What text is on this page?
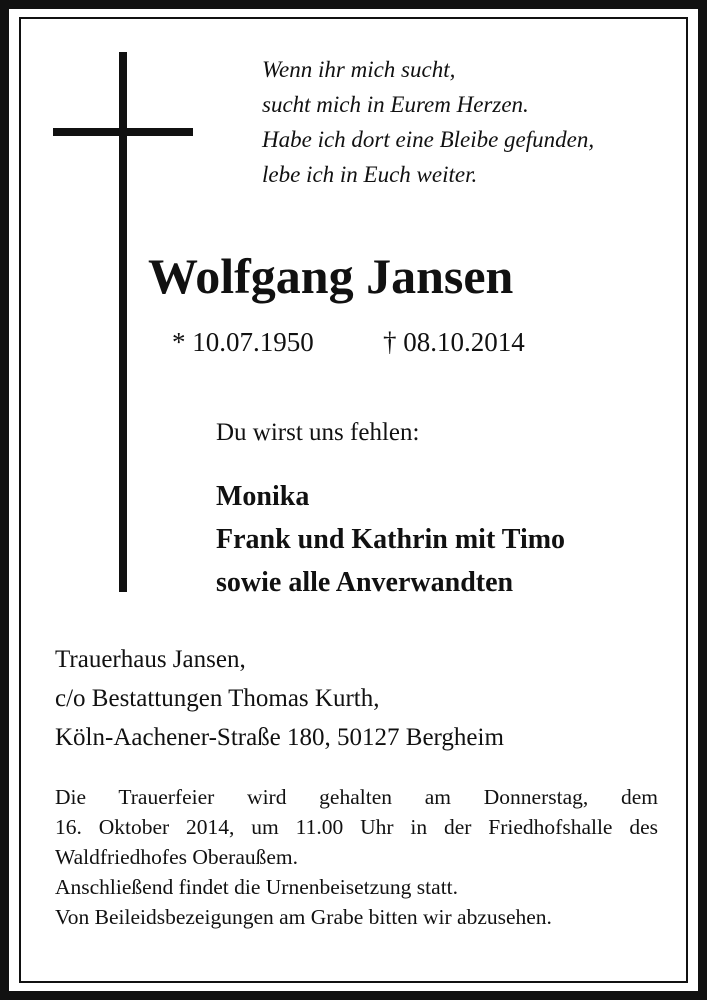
Wenn ihr mich sucht,
sucht mich in Eurem Herzen.
Habe ich dort eine Bleibe gefunden,
lebe ich in Euch weiter.
Wolfgang Jansen
* 10.07.1950	† 08.10.2014
Du wirst uns fehlen:
Monika
Frank und Kathrin mit Timo
sowie alle Anverwandten
Trauerhaus Jansen,
c/o Bestattungen Thomas Kurth,
Köln-Aachener-Straße 180, 50127 Bergheim
Die Trauerfeier wird gehalten am Donnerstag, dem
16. Oktober 2014, um 11.00 Uhr in der Friedhofshalle des
Waldfriedhofes Oberaußem.
Anschließend findet die Urnenbeisetzung statt.
Von Beileidsbezeigungen am Grabe bitten wir abzusehen.
